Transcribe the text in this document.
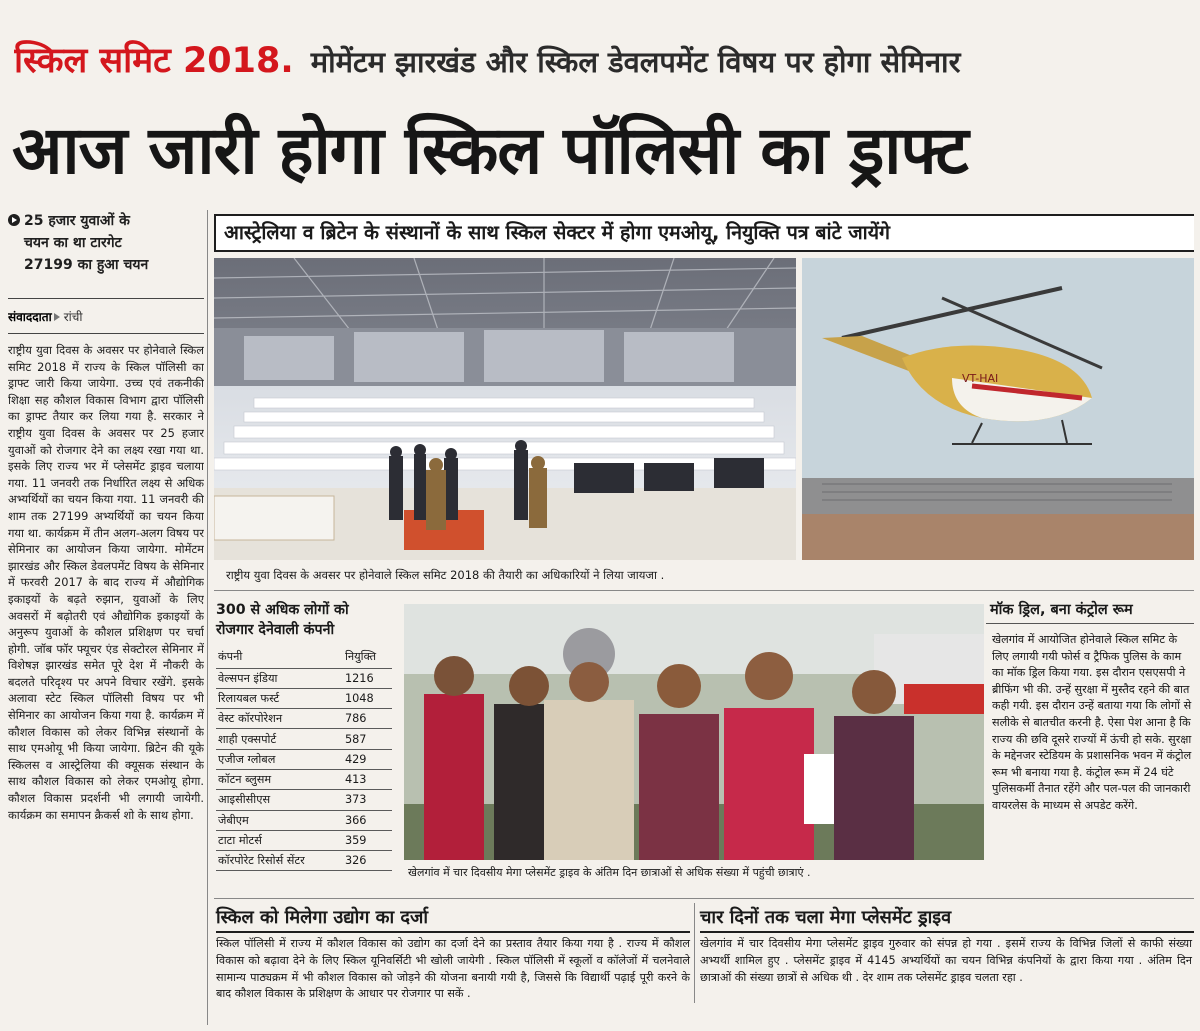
स्किल समिट 2018. मोमेंटम झारखंड और स्किल डेवलपमेंट विषय पर होगा सेमिनार
आज जारी होगा स्किल पॉलिसी का ड्राफ्ट
25 हजार युवाओं के
चयन का था टारगेट
27199 का हुआ चयन
संवाददाता रांची
राष्ट्रीय युवा दिवस के अवसर पर होनेवाले स्किल समिट 2018 में राज्य के स्किल पॉलिसी का ड्राफ्ट जारी किया जायेगा. उच्च एवं तकनीकी शिक्षा सह कौशल विकास विभाग द्वारा पॉलिसी का ड्राफ्ट तैयार कर लिया गया है. सरकार ने राष्ट्रीय युवा दिवस के अवसर पर 25 हजार युवाओं को रोजगार देने का लक्ष्य रखा गया था. इसके लिए राज्य भर में प्लेसमेंट ड्राइव चलाया गया. 11 जनवरी तक निर्धारित लक्ष्य से अधिक अभ्यर्थियों का चयन किया गया. 11 जनवरी की शाम तक 27199 अभ्यर्थियों का चयन किया गया था. कार्यक्रम में तीन अलग-अलग विषय पर सेमिनार का आयोजन किया जायेगा. मोमेंटम झारखंड और स्किल डेवलपमेंट विषय के सेमिनार में फरवरी 2017 के बाद राज्य में औद्योगिक इकाइयों के बढ़ते रुझान, युवाओं के लिए अवसरों में बढ़ोतरी एवं औद्योगिक इकाइयों के अनुरूप युवाओं के कौशल प्रशिक्षण पर चर्चा होगी. जॉब फॉर फ्यूचर एंड सेक्टोरल सेमिनार में विशेषज्ञ झारखंड समेत पूरे देश में नौकरी के बदलते परिदृश्य पर अपने विचार रखेंगे. इसके अलावा स्टेट स्किल पॉलिसी विषय पर भी सेमिनार का आयोजन किया गया है. कार्यक्रम में कौशल विकास को लेकर विभिन्न संस्थानों के साथ एमओयू भी किया जायेगा. ब्रिटेन की यूके स्किलस व आस्ट्रेलिया की क्यूसक संस्थान के साथ कौशल विकास को लेकर एमओयू होगा. कौशल विकास प्रदर्शनी भी लगायी जायेगी. कार्यक्रम का समापन क्रैकर्स शो के साथ होगा.
आस्ट्रेलिया व ब्रिटेन के संस्थानों के साथ स्किल सेक्टर में होगा एमओयू, नियुक्ति पत्र बांटे जायेंगे
VT-HAI
राष्ट्रीय युवा दिवस के अवसर पर होनेवाले स्किल समिट 2018 की तैयारी का अधिकारियों ने लिया जायजा .
300 से अधिक लोगों को
रोजगार देनेवाली कंपनी
कंपनी	नियुक्ति
वेल्सपन इंडिया	1216
रिलायबल फर्स्ट	1048
वेस्ट कॉरपोरेशन	786
शाही एक्सपोर्ट	587
एजीज ग्लोबल	429
कॉटन ब्लुसम	413
आइसीसीएस	373
जेबीएम	366
टाटा मोटर्स	359
कॉरपोरेट रिसोर्स सेंटर	326
खेलगांव में चार दिवसीय मेगा प्लेसमेंट ड्राइव के अंतिम दिन छात्राओं से अधिक संख्या में पहुंची छात्राएं .
मॉक ड्रिल, बना कंट्रोल रूम
खेलगांव में आयोजित होनेवाले स्किल समिट के लिए लगायी गयी फोर्स व ट्रैफिक पुलिस के काम का मॉक ड्रिल किया गया. इस दौरान एसएसपी ने ब्रीफिंग भी की. उन्हें सुरक्षा में मुस्तैद रहने की बात कही गयी. इस दौरान उन्हें बताया गया कि लोगों से सलीके से बातचीत करनी है. ऐसा पेश आना है कि राज्य की छवि दूसरे राज्यों में ऊंची हो सके. सुरक्षा के मद्देनजर स्टेडियम के प्रशासनिक भवन में कंट्रोल रूम भी बनाया गया है. कंट्रोल रूम में 24 घंटे पुलिसकर्मी तैनात रहेंगे और पल-पल की जानकारी वायरलेस के माध्यम से अपडेट करेंगे.
स्किल को मिलेगा उद्योग का दर्जा
स्किल पॉलिसी में राज्य में कौशल विकास को उद्योग का दर्जा देने का प्रस्ताव तैयार किया गया है . राज्य में कौशल विकास को बढ़ावा देने के लिए स्किल यूनिवर्सिटी भी खोली जायेगी . स्किल पॉलिसी में स्कूलों व कॉलेजों में चलनेवाले सामान्य पाठ्यक्रम में भी कौशल विकास को जोड़ने की योजना बनायी गयी है, जिससे कि विद्यार्थी पढ़ाई पूरी करने के बाद कौशल विकास के प्रशिक्षण के आधार पर रोजगार पा सकें .
चार दिनों तक चला मेगा प्लेसमेंट ड्राइव
खेलगांव में चार दिवसीय मेगा प्लेसमेंट ड्राइव गुरुवार को संपन्न हो गया . इसमें राज्य के विभिन्न जिलों से काफी संख्या अभ्यर्थी शामिल हुए . प्लेसमेंट ड्राइव में 4145 अभ्यर्थियों का चयन विभिन्न कंपनियों के द्वारा किया गया . अंतिम दिन छात्राओं की संख्या छात्रों से अधिक थी . देर शाम तक प्लेसमेंट ड्राइव चलता रहा .
